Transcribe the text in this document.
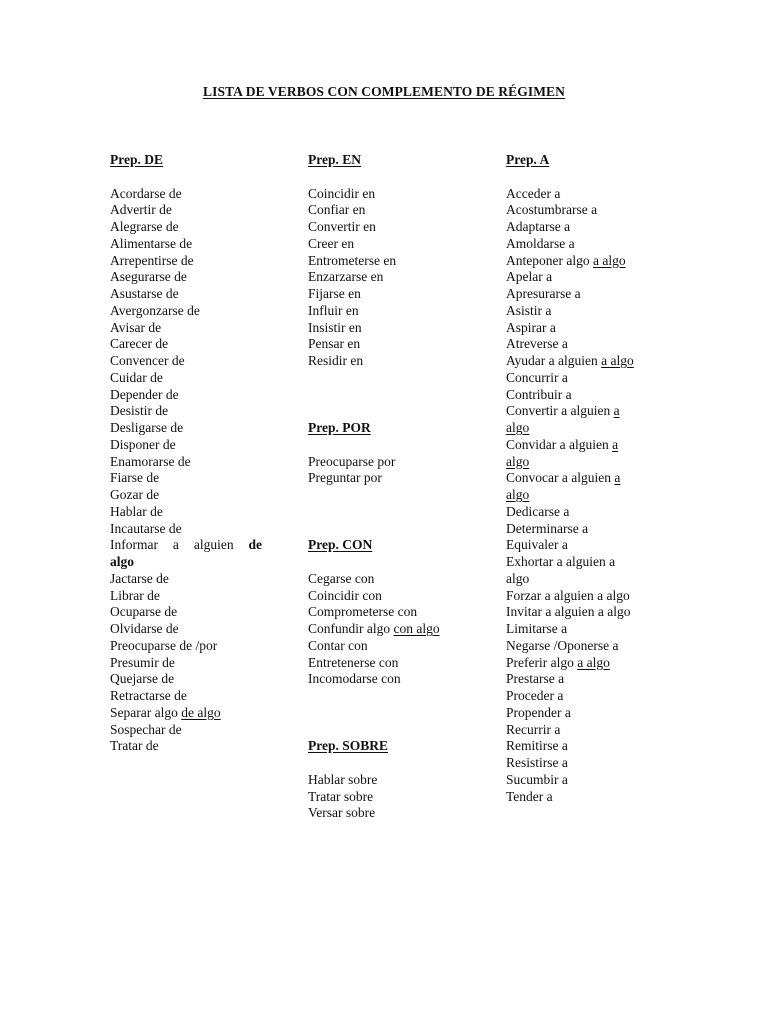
LISTA DE VERBOS CON COMPLEMENTO DE RÉGIMEN
Prep. DE
Acordarse de
Advertir de
Alegrarse de
Alimentarse de
Arrepentirse de
Asegurarse de
Asustarse de
Avergonzarse de
Avisar de
Carecer de
Convencer de
Cuidar de
Depender de
Desistir de
Desligarse de
Disponer de
Enamorarse de
Fiarse de
Gozar de
Hablar de
Incautarse de
Informar a alguien de
algo
Jactarse de
Librar de
Ocuparse de
Olvidarse de
Preocuparse de /por
Presumir de
Quejarse de
Retractarse de
Separar algo de algo
Sospechar de
Tratar de
Prep. EN
Coincidir en
Confiar en
Convertir en
Creer en
Entrometerse en
Enzarzarse en
Fijarse en
Influir en
Insistir en
Pensar en
Residir en
Prep. POR
Preocuparse por
Preguntar por
Prep. CON
Cegarse con
Coincidir con
Comprometerse con
Confundir algo con algo
Contar con
Entretenerse con
Incomodarse con
Prep. SOBRE
Hablar sobre
Tratar sobre
Versar sobre
Prep. A
Acceder a
Acostumbrarse a
Adaptarse a
Amoldarse a
Anteponer algo a algo
Apelar a
Apresurarse a
Asistir a
Aspirar a
Atreverse a
Ayudar a alguien a algo
Concurrir a
Contribuir a
Convertir a alguien a
algo
Convidar a alguien a
algo
Convocar a alguien a
algo
Dedicarse a
Determinarse a
Equivaler a
Exhortar a alguien a
algo
Forzar a alguien a algo
Invitar a alguien a algo
Limitarse a
Negarse /Oponerse a
Preferir algo a algo
Prestarse a
Proceder a
Propender a
Recurrir a
Remitirse a
Resistirse a
Sucumbir a
Tender a
